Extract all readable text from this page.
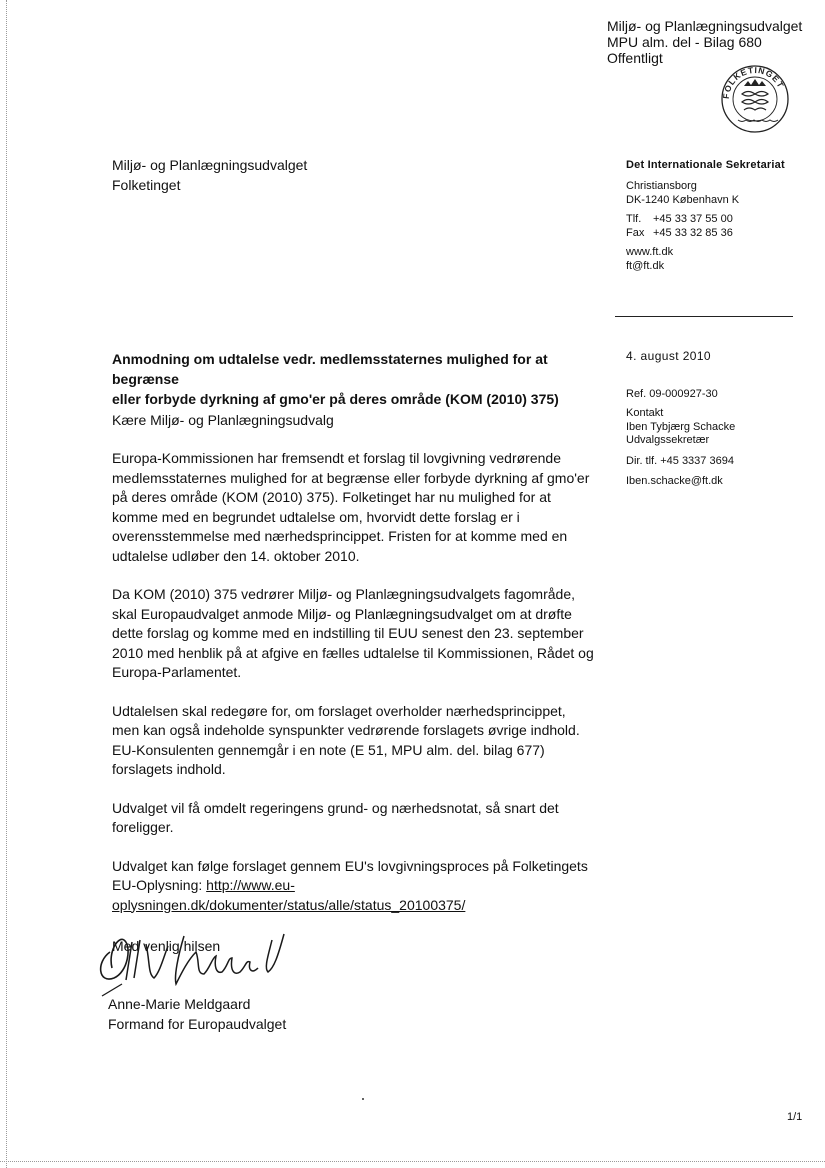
Miljø- og Planlægningsudvalget
MPU alm. del - Bilag 680
Offentligt
FOLKETINGET
Miljø- og Planlægningsudvalget
Folketinget
Det Internationale Sekretariat
Christiansborg
DK-1240 København K
Tlf.	+45 33 37 55 00
Fax +45 33 32 85 36
www.ft.dk
ft@ft.dk
4. august 2010
Ref. 09-000927-30
Kontakt
Iben Tybjærg Schacke
Udvalgssekretær
Dir. tlf. +45 3337 3694
Iben.schacke@ft.dk
Anmodning om udtalelse vedr. medlemsstaternes mulighed for at begrænse
eller forbyde dyrkning af gmo'er på deres område (KOM (2010) 375)
Kære Miljø- og Planlægningsudvalg

Europa-Kommissionen har fremsendt et forslag til lovgivning vedrørende
medlemsstaternes mulighed for at begrænse eller forbyde dyrkning af gmo'er
på deres område (KOM (2010) 375). Folketinget har nu mulighed for at
komme med en begrundet udtalelse om, hvorvidt dette forslag er i
overensstemmelse med nærhedsprincippet. Fristen for at komme med en
udtalelse udløber den 14. oktober 2010.

Da KOM (2010) 375 vedrører Miljø- og Planlægningsudvalgets fagområde,
skal Europaudvalget anmode Miljø- og Planlægningsudvalget om at drøfte
dette forslag og komme med en indstilling til EUU senest den 23. september
2010 med henblik på at afgive en fælles udtalelse til Kommissionen, Rådet og
Europa-Parlamentet.

Udtalelsen skal redegøre for, om forslaget overholder nærhedsprincippet,
men kan også indeholde synspunkter vedrørende forslagets øvrige indhold.
EU-Konsulenten gennemgår i en note (E 51, MPU alm. del. bilag 677)
forslagets indhold.

Udvalget vil få omdelt regeringens grund- og nærhedsnotat, så snart det
foreligger.

Udvalget kan følge forslaget gennem EU's lovgivningsproces på Folketingets
EU-Oplysning: http://www.eu-
oplysningen.dk/dokumenter/status/alle/status_20100375/

Med venlig hilsen
Anne-Marie Meldgaard
Formand for Europaudvalget
1/1
